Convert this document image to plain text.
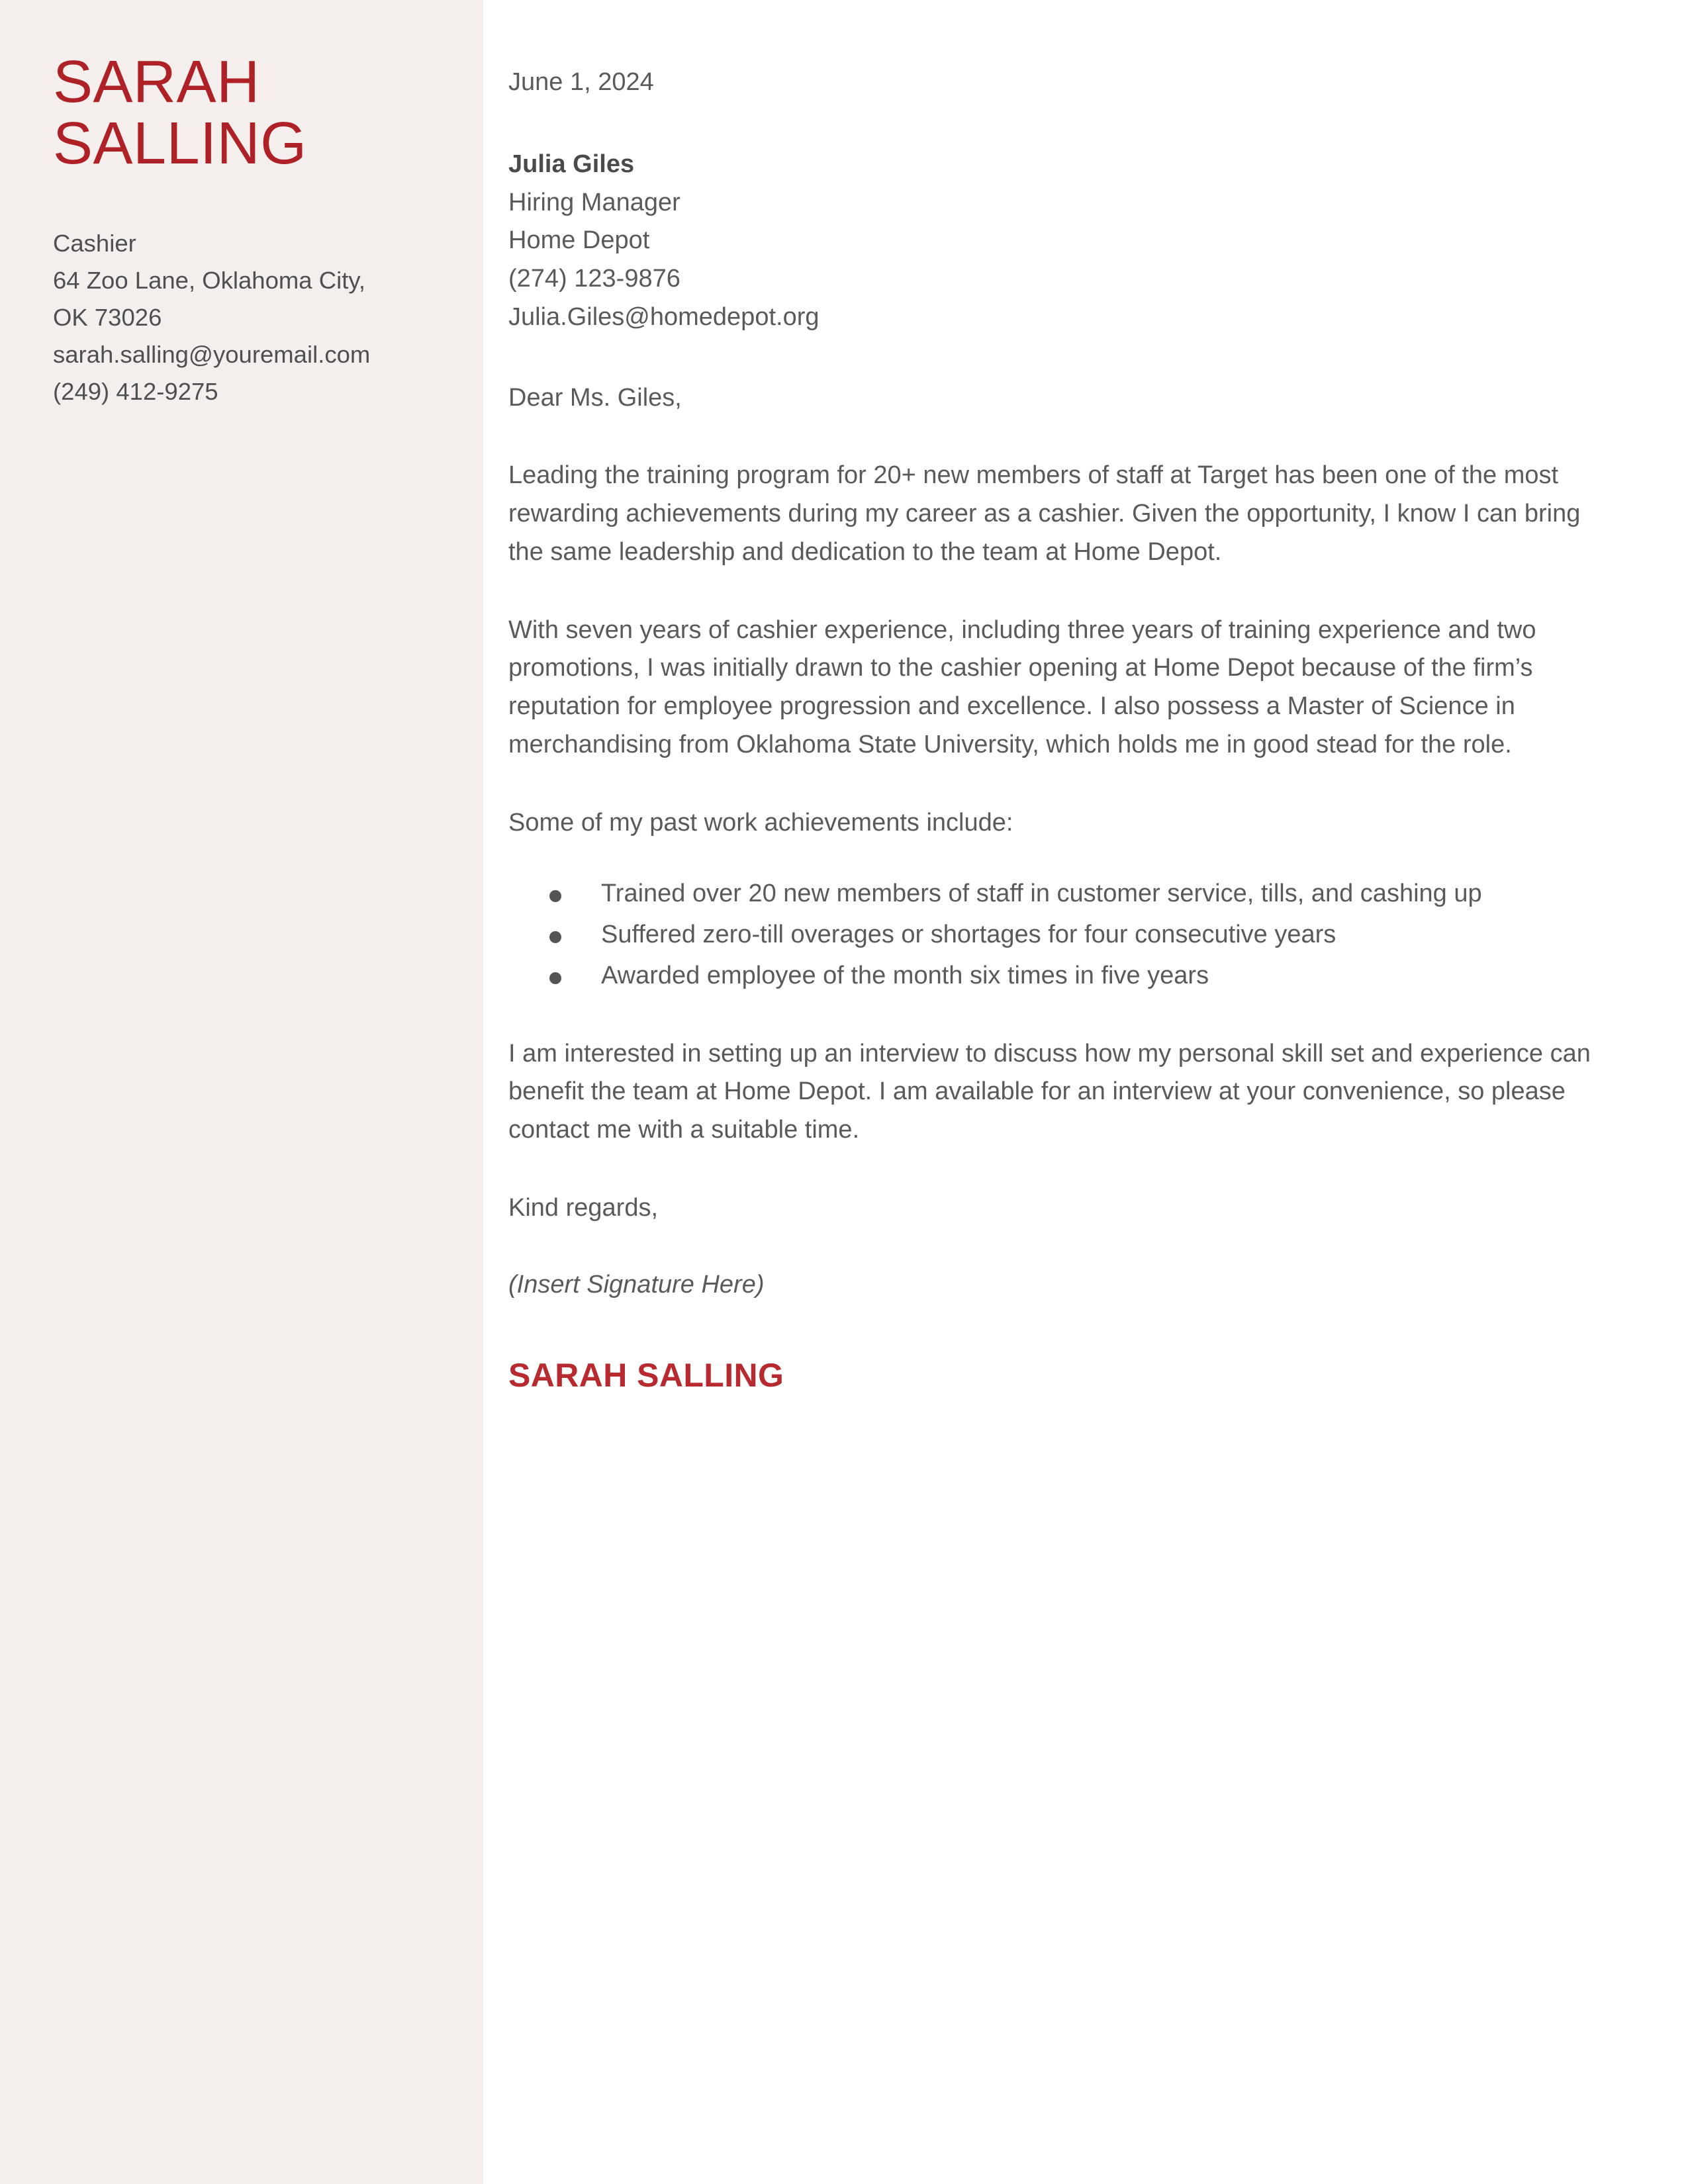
SARAH
SALLING
Cashier
64 Zoo Lane, Oklahoma City,
OK 73026
sarah.salling@youremail.com
(249) 412-9275

June 1, 2024

Julia Giles
Hiring Manager
Home Depot
(274) 123-9876
Julia.Giles@homedepot.org

Dear Ms. Giles,

Leading the training program for 20+ new members of staff at Target has been one of the most rewarding achievements during my career as a cashier. Given the opportunity, I know I can bring the same leadership and dedication to the team at Home Depot.

With seven years of cashier experience, including three years of training experience and two promotions, I was initially drawn to the cashier opening at Home Depot because of the firm’s reputation for employee progression and excellence. I also possess a Master of Science in merchandising from Oklahoma State University, which holds me in good stead for the role.

Some of my past work achievements include:

Trained over 20 new members of staff in customer service, tills, and cashing up
Suffered zero-till overages or shortages for four consecutive years
Awarded employee of the month six times in five years

I am interested in setting up an interview to discuss how my personal skill set and experience can benefit the team at Home Depot. I am available for an interview at your convenience, so please contact me with a suitable time.

Kind regards,

(Insert Signature Here)

SARAH SALLING
